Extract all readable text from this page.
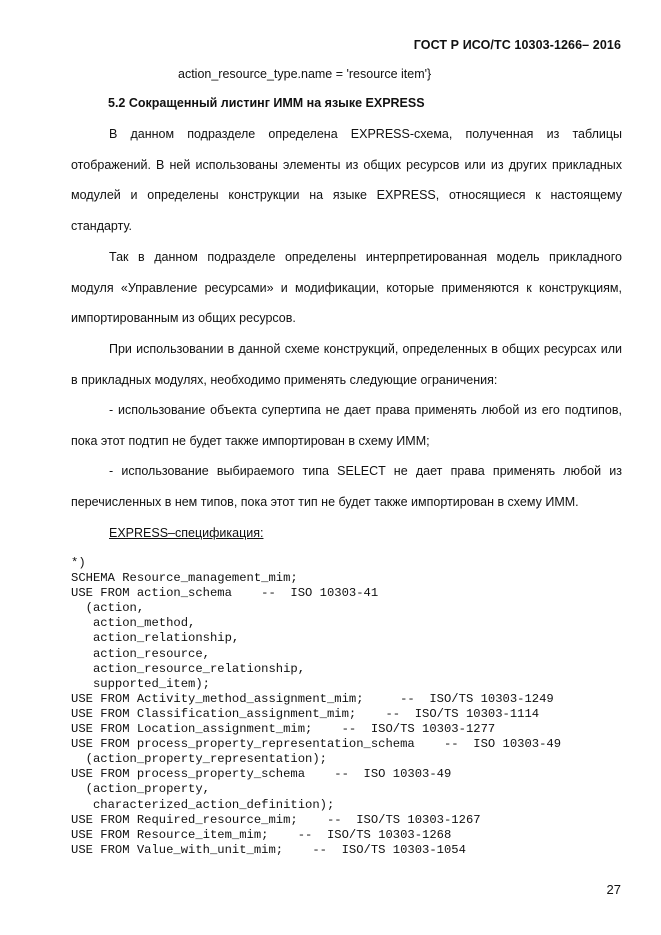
ГОСТ Р ИСО/ТС 10303-1266– 2016
action_resource_type.name = 'resource item'}
5.2 Сокращенный листинг ИММ на языке EXPRESS

В данном подразделе определена EXPRESS-схема, полученная из таблицы отображений. В ней использованы элементы из общих ресурсов или из других прикладных модулей и определены конструкции на языке EXPRESS, относящиеся к настоящему стандарту.

Так в данном подразделе определены интерпретированная модель прикладного модуля «Управление ресурсами» и модификации, которые применяются к конструкциям, импортированным из общих ресурсов.

При использовании в данной схеме конструкций, определенных в общих ресурсах или в прикладных модулях, необходимо применять следующие ограничения:

- использование объекта супертипа не дает права применять любой из его подтипов, пока этот подтип не будет также импортирован в схему ИММ;

- использование выбираемого типа SELECT не дает права применять любой из перечисленных в нем типов, пока этот тип не будет также импортирован в схему ИММ.

EXPRESS–спецификация:
*)
SCHEMA Resource_management_mim;
USE FROM action_schema    --  ISO 10303-41
(action,
action_method,
action_relationship,
action_resource,
action_resource_relationship,
supported_item);
USE FROM Activity_method_assignment_mim;     --  ISO/TS 10303-1249
USE FROM Classification_assignment_mim;    --  ISO/TS 10303-1114
USE FROM Location_assignment_mim;    --  ISO/TS 10303-1277
USE FROM process_property_representation_schema    --  ISO 10303-49
(action_property_representation);
USE FROM process_property_schema    --  ISO 10303-49
(action_property,
characterized_action_definition);
USE FROM Required_resource_mim;    --  ISO/TS 10303-1267
USE FROM Resource_item_mim;    --  ISO/TS 10303-1268
USE FROM Value_with_unit_mim;    --  ISO/TS 10303-1054
27
